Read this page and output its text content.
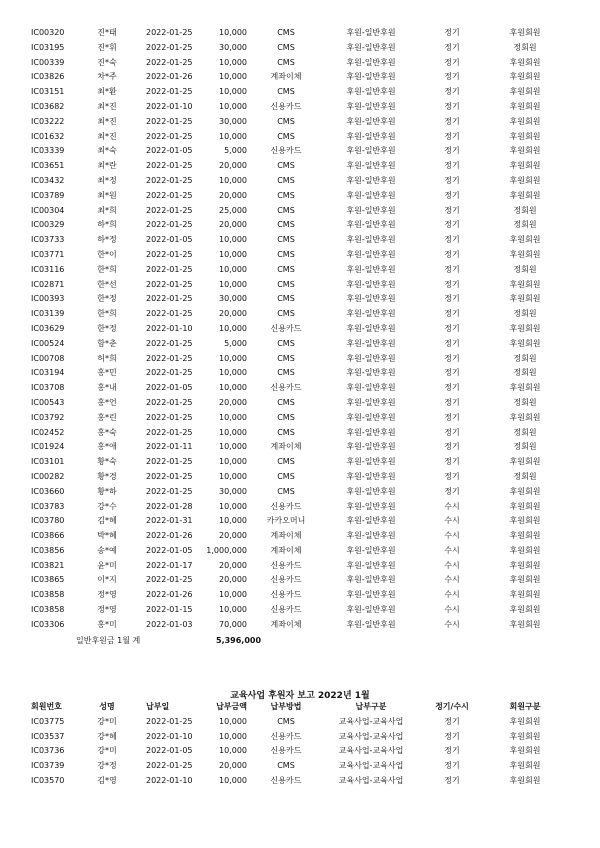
IC00320	진*태	2022-01-25	10,000	CMS	후원-일반후원	정기	후원회원
IC03195	진*휘	2022-01-25	30,000	CMS	후원-일반후원	정기	정회원
IC00339	진*숙	2022-01-25	10,000	CMS	후원-일반후원	정기	후원회원
IC03826	차*주	2022-01-26	10,000	계좌이체	후원-일반후원	정기	후원회원
IC03151	최*환	2022-01-25	10,000	CMS	후원-일반후원	정기	후원회원
IC03682	최*진	2022-01-10	10,000	신용카드	후원-일반후원	정기	후원회원
IC03222	최*진	2022-01-25	30,000	CMS	후원-일반후원	정기	후원회원
IC01632	최*진	2022-01-25	10,000	CMS	후원-일반후원	정기	후원회원
IC03339	최*숙	2022-01-05	5,000	신용카드	후원-일반후원	정기	후원회원
IC03651	최*란	2022-01-25	20,000	CMS	후원-일반후원	정기	후원회원
IC03432	최*정	2022-01-25	10,000	CMS	후원-일반후원	정기	후원회원
IC03789	최*원	2022-01-25	20,000	CMS	후원-일반후원	정기	후원회원
IC00304	최*희	2022-01-25	25,000	CMS	후원-일반후원	정기	정회원
IC00329	하*희	2022-01-25	20,000	CMS	후원-일반후원	정기	정회원
IC03733	하*정	2022-01-05	10,000	CMS	후원-일반후원	정기	후원회원
IC03771	한*이	2022-01-25	10,000	CMS	후원-일반후원	정기	후원회원
IC03116	한*희	2022-01-25	10,000	CMS	후원-일반후원	정기	정회원
IC02871	한*선	2022-01-25	10,000	CMS	후원-일반후원	정기	후원회원
IC00393	한*정	2022-01-25	30,000	CMS	후원-일반후원	정기	후원회원
IC03139	한*희	2022-01-25	20,000	CMS	후원-일반후원	정기	정회원
IC03629	한*정	2022-01-10	10,000	신용카드	후원-일반후원	정기	후원회원
IC00524	함*춘	2022-01-25	5,000	CMS	후원-일반후원	정기	후원회원
IC00708	허*희	2022-01-25	10,000	CMS	후원-일반후원	정기	정회원
IC03194	홍*민	2022-01-25	10,000	CMS	후원-일반후원	정기	정회원
IC03708	홍*내	2022-01-05	10,000	신용카드	후원-일반후원	정기	후원회원
IC00543	홍*언	2022-01-25	20,000	CMS	후원-일반후원	정기	정회원
IC03792	홍*린	2022-01-25	10,000	CMS	후원-일반후원	정기	후원회원
IC02452	홍*숙	2022-01-25	10,000	CMS	후원-일반후원	정기	정회원
IC01924	홍*애	2022-01-11	10,000	계좌이체	후원-일반후원	정기	정회원
IC03101	황*숙	2022-01-25	10,000	CMS	후원-일반후원	정기	후원회원
IC00282	황*경	2022-01-25	10,000	CMS	후원-일반후원	정기	정회원
IC03660	황*하	2022-01-25	30,000	CMS	후원-일반후원	정기	후원회원
IC03783	강*수	2022-01-28	10,000	신용카드	후원-일반후원	수시	후원회원
IC03780	김*혜	2022-01-31	10,000	카카오머니	후원-일반후원	수시	후원회원
IC03866	박*혜	2022-01-26	20,000	계좌이체	후원-일반후원	수시	후원회원
IC03856	송*예	2022-01-05	1,000,000	계좌이체	후원-일반후원	수시	후원회원
IC03821	윤*미	2022-01-17	20,000	신용카드	후원-일반후원	수시	후원회원
IC03865	이*지	2022-01-25	20,000	신용카드	후원-일반후원	수시	후원회원
IC03858	정*영	2022-01-26	10,000	신용카드	후원-일반후원	수시	후원회원
IC03858	정*영	2022-01-15	10,000	신용카드	후원-일반후원	수시	후원회원
IC03306	홍*미	2022-01-03	70,000	계좌이체	후원-일반후원	수시	후원회원
일반후원금 1월 계	5,396,000
교육사업 후원자 보고 2022년 1월
회원번호	성명	납부일	납부금액	납부방법	납부구분	정기/수시	회원구분
IC03775	강*미	2022-01-25	10,000	CMS	교육사업-교육사업	정기	후원회원
IC03537	강*혜	2022-01-10	10,000	신용카드	교육사업-교육사업	정기	후원회원
IC03736	강*미	2022-01-05	10,000	신용카드	교육사업-교육사업	정기	후원회원
IC03739	강*정	2022-01-25	20,000	CMS	교육사업-교육사업	정기	후원회원
IC03570	김*영	2022-01-10	10,000	신용카드	교육사업-교육사업	정기	후원회원
